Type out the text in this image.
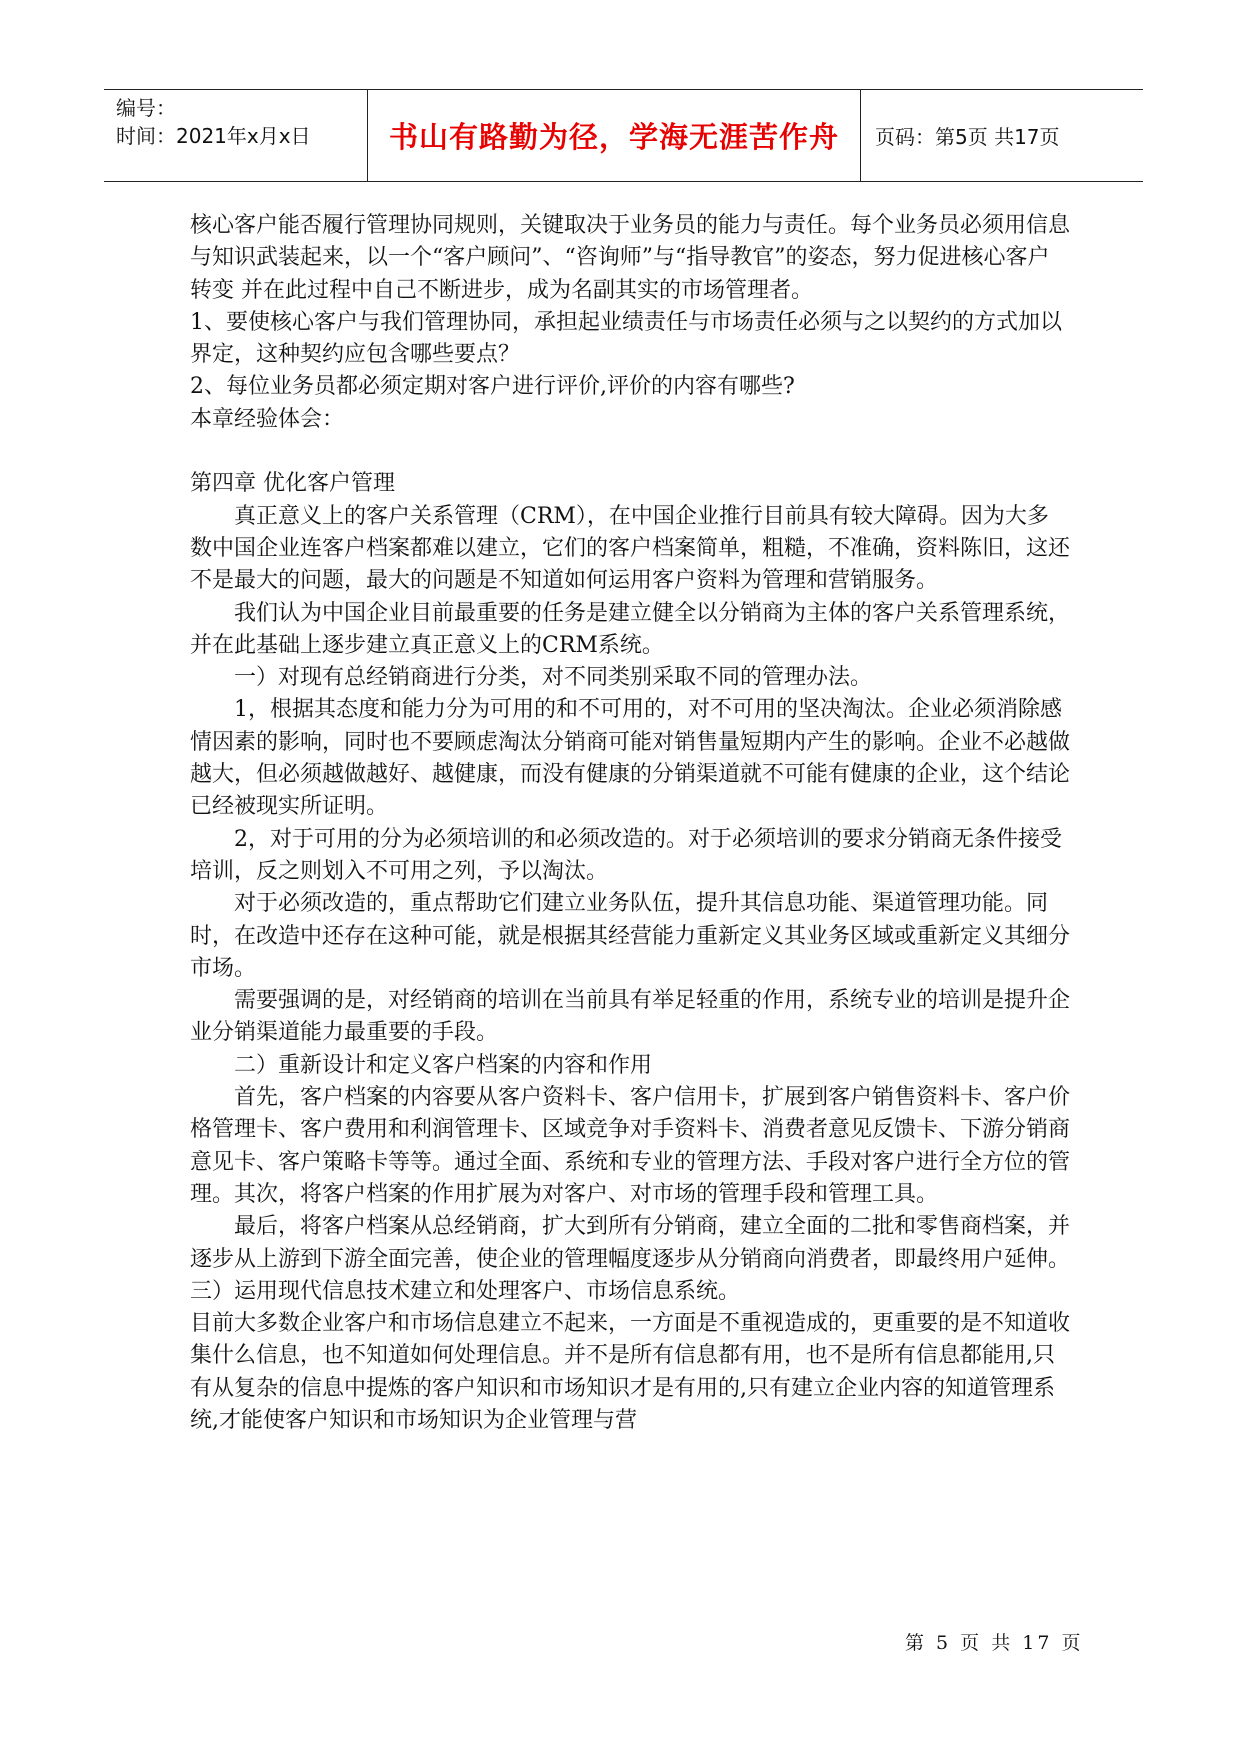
编号：
时间：2021年x月x日	书山有路勤为径，学海无涯苦作舟 页码：第5页 共17页

核心客户能否履行管理协同规则，关键取决于业务员的能力与责任。每个业务员必须用信息与知识武装起来，以一个“客户顾问”、“咨询师”与“指导教官”的姿态，努力促进核心客户转变 并在此过程中自己不断进步，成为名副其实的市场管理者。

1、要使核心客户与我们管理协同，承担起业绩责任与市场责任必须与之以契约的方式加以界定，这种契约应包含哪些要点？

2、每位业务员都必须定期对客户进行评价,评价的内容有哪些?

本章经验体会：

第四章 优化客户管理

真正意义上的客户关系管理（CRM），在中国企业推行目前具有较大障碍。因为大多数中国企业连客户档案都难以建立，它们的客户档案简单，粗糙，不准确，资料陈旧，这还不是最大的问题，最大的问题是不知道如何运用客户资料为管理和营销服务。

我们认为中国企业目前最重要的任务是建立健全以分销商为主体的客户关系管理系统，并在此基础上逐步建立真正意义上的CRM系统。

一）对现有总经销商进行分类，对不同类别采取不同的管理办法。

1，根据其态度和能力分为可用的和不可用的，对不可用的坚决淘汰。企业必须消除感情因素的影响，同时也不要顾虑淘汰分销商可能对销售量短期内产生的影响。企业不必越做越大，但必须越做越好、越健康，而没有健康的分销渠道就不可能有健康的企业，这个结论已经被现实所证明。

2，对于可用的分为必须培训的和必须改造的。对于必须培训的要求分销商无条件接受培训，反之则划入不可用之列，予以淘汰。

对于必须改造的，重点帮助它们建立业务队伍，提升其信息功能、渠道管理功能。同时，在改造中还存在这种可能，就是根据其经营能力重新定义其业务区域或重新定义其细分市场。

需要强调的是，对经销商的培训在当前具有举足轻重的作用，系统专业的培训是提升企业分销渠道能力最重要的手段。

二）重新设计和定义客户档案的内容和作用

首先，客户档案的内容要从客户资料卡、客户信用卡，扩展到客户销售资料卡、客户价格管理卡、客户费用和利润管理卡、区域竞争对手资料卡、消费者意见反馈卡、下游分销商意见卡、客户策略卡等等。通过全面、系统和专业的管理方法、手段对客户进行全方位的管理。其次，将客户档案的作用扩展为对客户、对市场的管理手段和管理工具。

最后，将客户档案从总经销商，扩大到所有分销商，建立全面的二批和零售商档案，并逐步从上游到下游全面完善，使企业的管理幅度逐步从分销商向消费者，即最终用户延伸。

三）运用现代信息技术建立和处理客户、市场信息系统。

目前大多数企业客户和市场信息建立不起来，一方面是不重视造成的，更重要的是不知道收集什么信息，也不知道如何处理信息。并不是所有信息都有用，也不是所有信息都能用,只有从复杂的信息中提炼的客户知识和市场知识才是有用的,只有建立企业内容的知道管理系统,才能使客户知识和市场知识为企业管理与营

第 5 页 共 17 页
